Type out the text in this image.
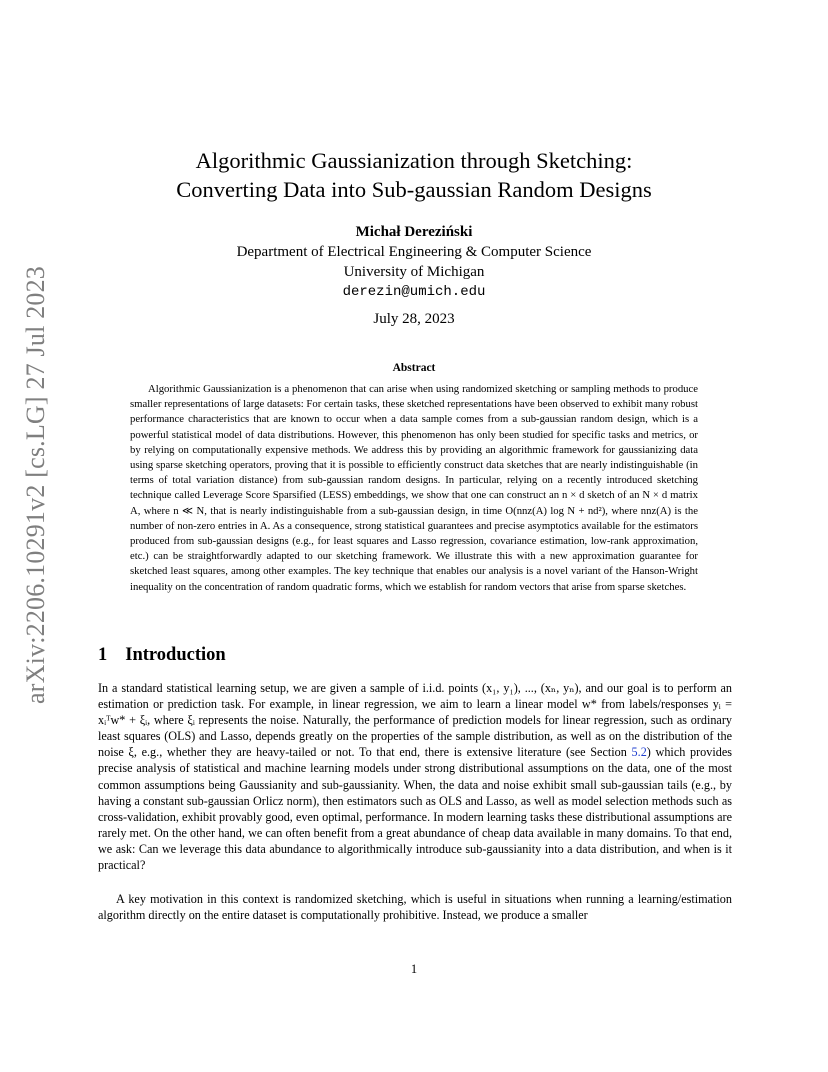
arXiv:2206.10291v2 [cs.LG] 27 Jul 2023
Algorithmic Gaussianization through Sketching:
Converting Data into Sub-gaussian Random Designs
Michał Dereziński
Department of Electrical Engineering & Computer Science
University of Michigan
derezin@umich.edu
July 28, 2023
Abstract

Algorithmic Gaussianization is a phenomenon that can arise when using randomized sketching or sampling methods to produce smaller representations of large datasets: For certain tasks, these sketched representations have been observed to exhibit many robust performance characteristics that are known to occur when a data sample comes from a sub-gaussian random design, which is a powerful statistical model of data distributions. However, this phenomenon has only been studied for specific tasks and metrics, or by relying on computationally expensive methods. We address this by providing an algorithmic framework for gaussianizing data using sparse sketching operators, proving that it is possible to efficiently construct data sketches that are nearly indistinguishable (in terms of total variation distance) from sub-gaussian random designs. In particular, relying on a recently introduced sketching technique called Leverage Score Sparsified (LESS) embeddings, we show that one can construct an n × d sketch of an N × d matrix A, where n ≪ N, that is nearly indistinguishable from a sub-gaussian design, in time O(nnz(A) log N + nd²), where nnz(A) is the number of non-zero entries in A. As a consequence, strong statistical guarantees and precise asymptotics available for the estimators produced from sub-gaussian designs (e.g., for least squares and Lasso regression, covariance estimation, low-rank approximation, etc.) can be straightforwardly adapted to our sketching framework. We illustrate this with a new approximation guarantee for sketched least squares, among other examples. The key technique that enables our analysis is a novel variant of the Hanson-Wright inequality on the concentration of random quadratic forms, which we establish for random vectors that arise from sparse sketches.

1 Introduction

In a standard statistical learning setup, we are given a sample of i.i.d. points (x₁, y₁), ..., (xₙ, yₙ), and our goal is to perform an estimation or prediction task. For example, in linear regression, we aim to learn a linear model w* from labels/responses yᵢ = xᵢᵀw* + ξᵢ, where ξᵢ represents the noise. Naturally, the performance of prediction models for linear regression, such as ordinary least squares (OLS) and Lasso, depends greatly on the properties of the sample distribution, as well as on the distribution of the noise ξ, e.g., whether they are heavy-tailed or not. To that end, there is extensive literature (see Section 5.2) which provides precise analysis of statistical and machine learning models under strong distributional assumptions on the data, one of the most common assumptions being Gaussianity and sub-gaussianity. When, the data and noise exhibit small sub-gaussian tails (e.g., by having a constant sub-gaussian Orlicz norm), then estimators such as OLS and Lasso, as well as model selection methods such as cross-validation, exhibit provably good, even optimal, performance. In modern learning tasks these distributional assumptions are rarely met. On the other hand, we can often benefit from a great abundance of cheap data available in many domains. To that end, we ask: Can we leverage this data abundance to algorithmically introduce sub-gaussianity into a data distribution, and when is it practical?

A key motivation in this context is randomized sketching, which is useful in situations when running a learning/estimation algorithm directly on the entire dataset is computationally prohibitive. Instead, we produce a smaller

1
